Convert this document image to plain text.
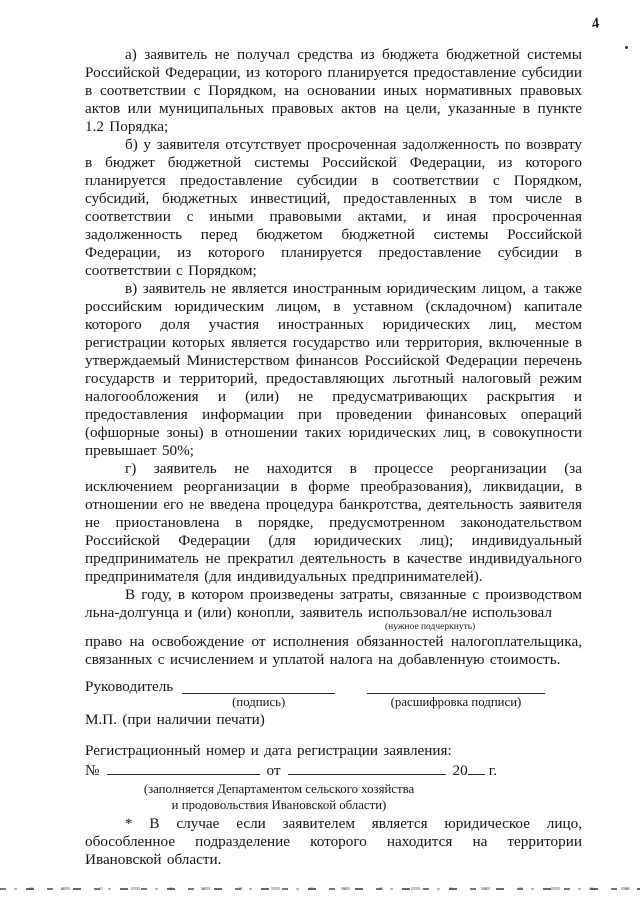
4

а) заявитель не получал средства из бюджета бюджетной системы Российской Федерации, из которого планируется предоставление субсидии в соответствии с Порядком, на основании иных нормативных правовых актов или муниципальных правовых актов на цели, указанные в пункте 1.2 Порядка;

б) у заявителя отсутствует просроченная задолженность по возврату в бюджет бюджетной системы Российской Федерации, из которого планируется предоставление субсидии в соответствии с Порядком, субсидий, бюджетных инвестиций, предоставленных в том числе в соответствии с иными правовыми актами, и иная просроченная задолженность перед бюджетом бюджетной системы Российской Федерации, из которого планируется предоставление субсидии в соответствии с Порядком;

в) заявитель не является иностранным юридическим лицом, а также российским юридическим лицом, в уставном (складочном) капитале которого доля участия иностранных юридических лиц, местом регистрации которых является государство или территория, включенные в утверждаемый Министерством финансов Российской Федерации перечень государств и территорий, предоставляющих льготный налоговый режим налогообложения и (или) не предусматривающих раскрытия и предоставления информации при проведении финансовых операций (офшорные зоны) в отношении таких юридических лиц, в совокупности превышает 50%;

г) заявитель не находится в процессе реорганизации (за исключением реорганизации в форме преобразования), ликвидации, в отношении его не введена процедура банкротства, деятельность заявителя не приостановлена в порядке, предусмотренном законодательством Российской Федерации (для юридических лиц); индивидуальный предприниматель не прекратил деятельность в качестве индивидуального предпринимателя (для индивидуальных предпринимателей).

В году, в котором произведены затраты, связанные с производством

льна-долгунца и (или) конопли, заявитель использовал/не использовал

(нужное подчеркнуть)

право на освобождение от исполнения обязанностей налогоплательщика, связанных с исчислением и уплатой налога на добавленную стоимость.

Руководитель
(подпись)	(расшифровка подписи)

М.П. (при наличии печати)

Регистрационный номер и дата регистрации заявления:

№	от	20 г.

(заполняется Департаментом сельского хозяйства
и продовольствия Ивановской области)

* В случае если заявителем является юридическое лицо, обособленное подразделение которого находится на территории Ивановской области.
